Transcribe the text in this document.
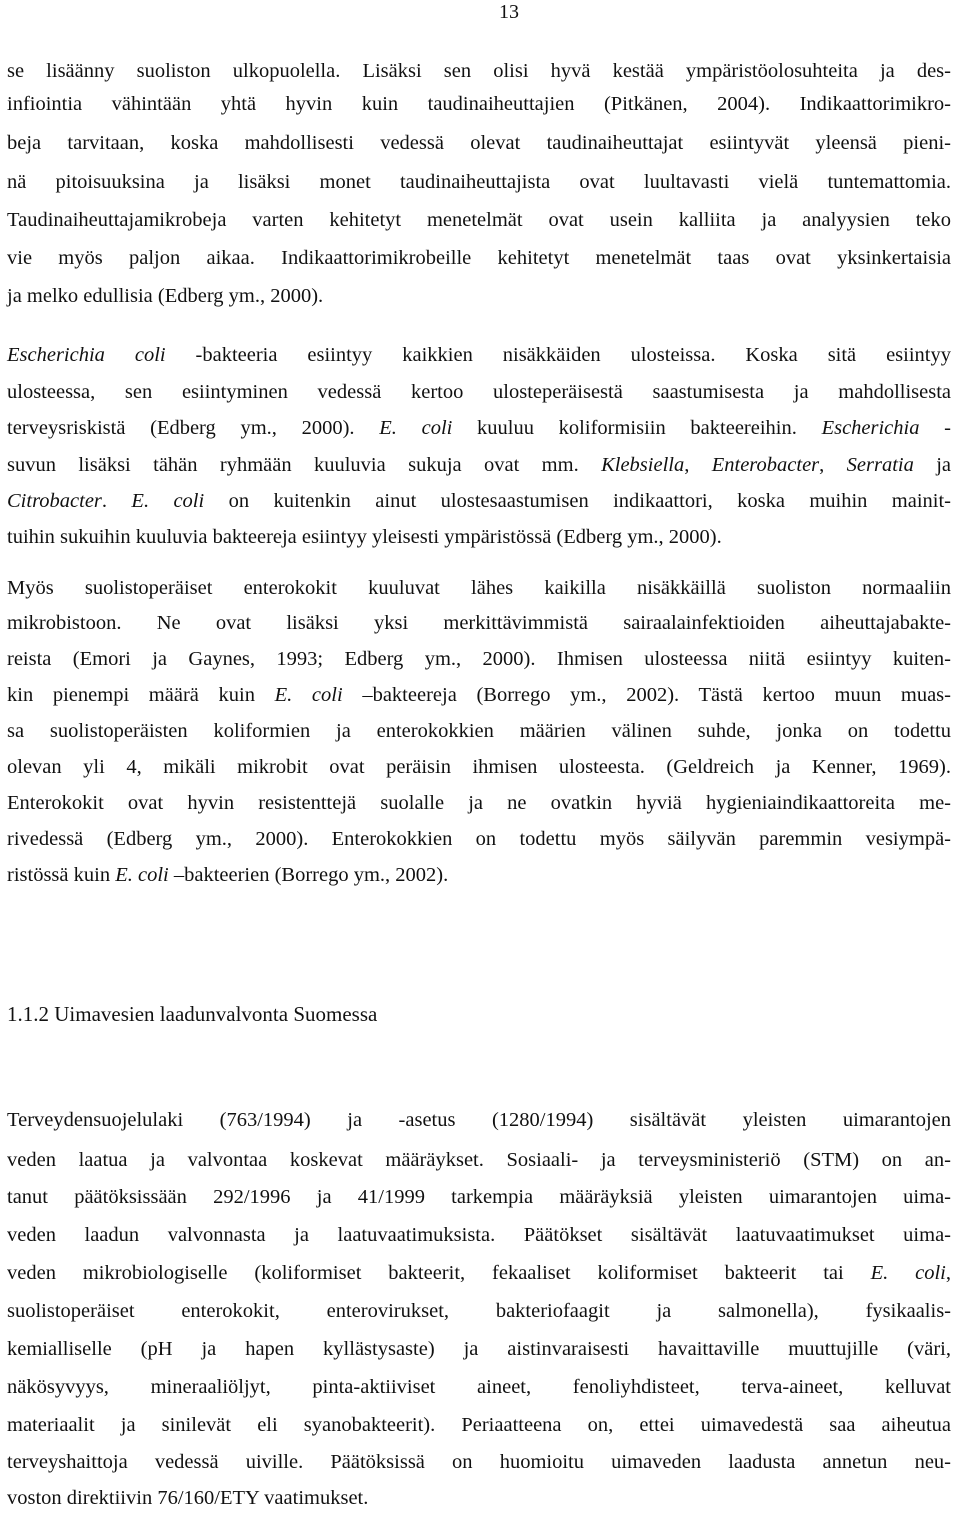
13
se lisäänny suoliston ulkopuolella. Lisäksi sen olisi hyvä kestää ympäristöolosuhteita ja des-
infiointia vähintään yhtä hyvin kuin taudinaiheuttajien (Pitkänen, 2004). Indikaattorimikro-
beja tarvitaan, koska mahdollisesti vedessä olevat taudinaiheuttajat esiintyvät yleensä pieni-
nä pitoisuuksina ja lisäksi monet taudinaiheuttajista ovat luultavasti vielä tuntemattomia.
Taudinaiheuttajamikrobeja varten kehitetyt menetelmät ovat usein kalliita ja analyysien teko
vie myös paljon aikaa. Indikaattorimikrobeille kehitetyt menetelmät taas ovat yksinkertaisia
ja melko edullisia (Edberg ym., 2000).
Escherichia coli -bakteeria esiintyy kaikkien nisäkkäiden ulosteissa. Koska sitä esiintyy
ulosteessa, sen esiintyminen vedessä kertoo ulosteperäisestä saastumisesta ja mahdollisesta
terveysriskistä (Edberg ym., 2000). E. coli kuuluu koliformisiin bakteereihin. Escherichia -
suvun lisäksi tähän ryhmään kuuluvia sukuja ovat mm. Klebsiella, Enterobacter, Serratia ja
Citrobacter. E. coli on kuitenkin ainut ulostesaastumisen indikaattori, koska muihin mainit-
tuihin sukuihin kuuluvia bakteereja esiintyy yleisesti ympäristössä (Edberg ym., 2000).
Myös suolistoperäiset enterokokit kuuluvat lähes kaikilla nisäkkäillä suoliston normaaliin
mikrobistoon. Ne ovat lisäksi yksi merkittävimmistä sairaalainfektioiden aiheuttajabakte-
reista (Emori ja Gaynes, 1993; Edberg ym., 2000). Ihmisen ulosteessa niitä esiintyy kuiten-
kin pienempi määrä kuin E. coli –bakteereja (Borrego ym., 2002). Tästä kertoo muun muas-
sa suolistoperäisten koliformien ja enterokokkien määrien välinen suhde, jonka on todettu
olevan yli 4, mikäli mikrobit ovat peräisin ihmisen ulosteesta. (Geldreich ja Kenner, 1969).
Enterokokit ovat hyvin resistenttejä suolalle ja ne ovatkin hyviä hygieniaindikaattoreita me-
rivedessä (Edberg ym., 2000). Enterokokkien on todettu myös säilyvän paremmin vesiympä-
ristössä kuin E. coli –bakteerien (Borrego ym., 2002).
Terveydensuojelulaki (763/1994) ja -asetus (1280/1994) sisältävät yleisten uimarantojen
veden laatua ja valvontaa koskevat määräykset. Sosiaali- ja terveysministeriö (STM) on an-
tanut päätöksissään 292/1996 ja 41/1999 tarkempia määräyksiä yleisten uimarantojen uima-
veden laadun valvonnasta ja laatuvaatimuksista. Päätökset sisältävät laatuvaatimukset uima-
veden mikrobiologiselle (koliformiset bakteerit, fekaaliset koliformiset bakteerit tai E. coli,
suolistoperäiset enterokokit, enterovirukset, bakteriofaagit ja salmonella), fysikaalis-
kemialliselle (pH ja hapen kyllästysaste) ja aistinvaraisesti havaittaville muuttujille (väri,
näkösyvyys, mineraaliöljyt, pinta-aktiiviset aineet, fenoliyhdisteet, terva-aineet, kelluvat
materiaalit ja sinilevät eli syanobakteerit). Periaatteena on, ettei uimavedestä saa aiheutua
terveyshaittoja vedessä uiville. Päätöksissä on huomioitu uimaveden laadusta annetun neu-
voston direktiivin 76/160/ETY vaatimukset.
1.1.2 Uimavesien laadunvalvonta Suomessa
